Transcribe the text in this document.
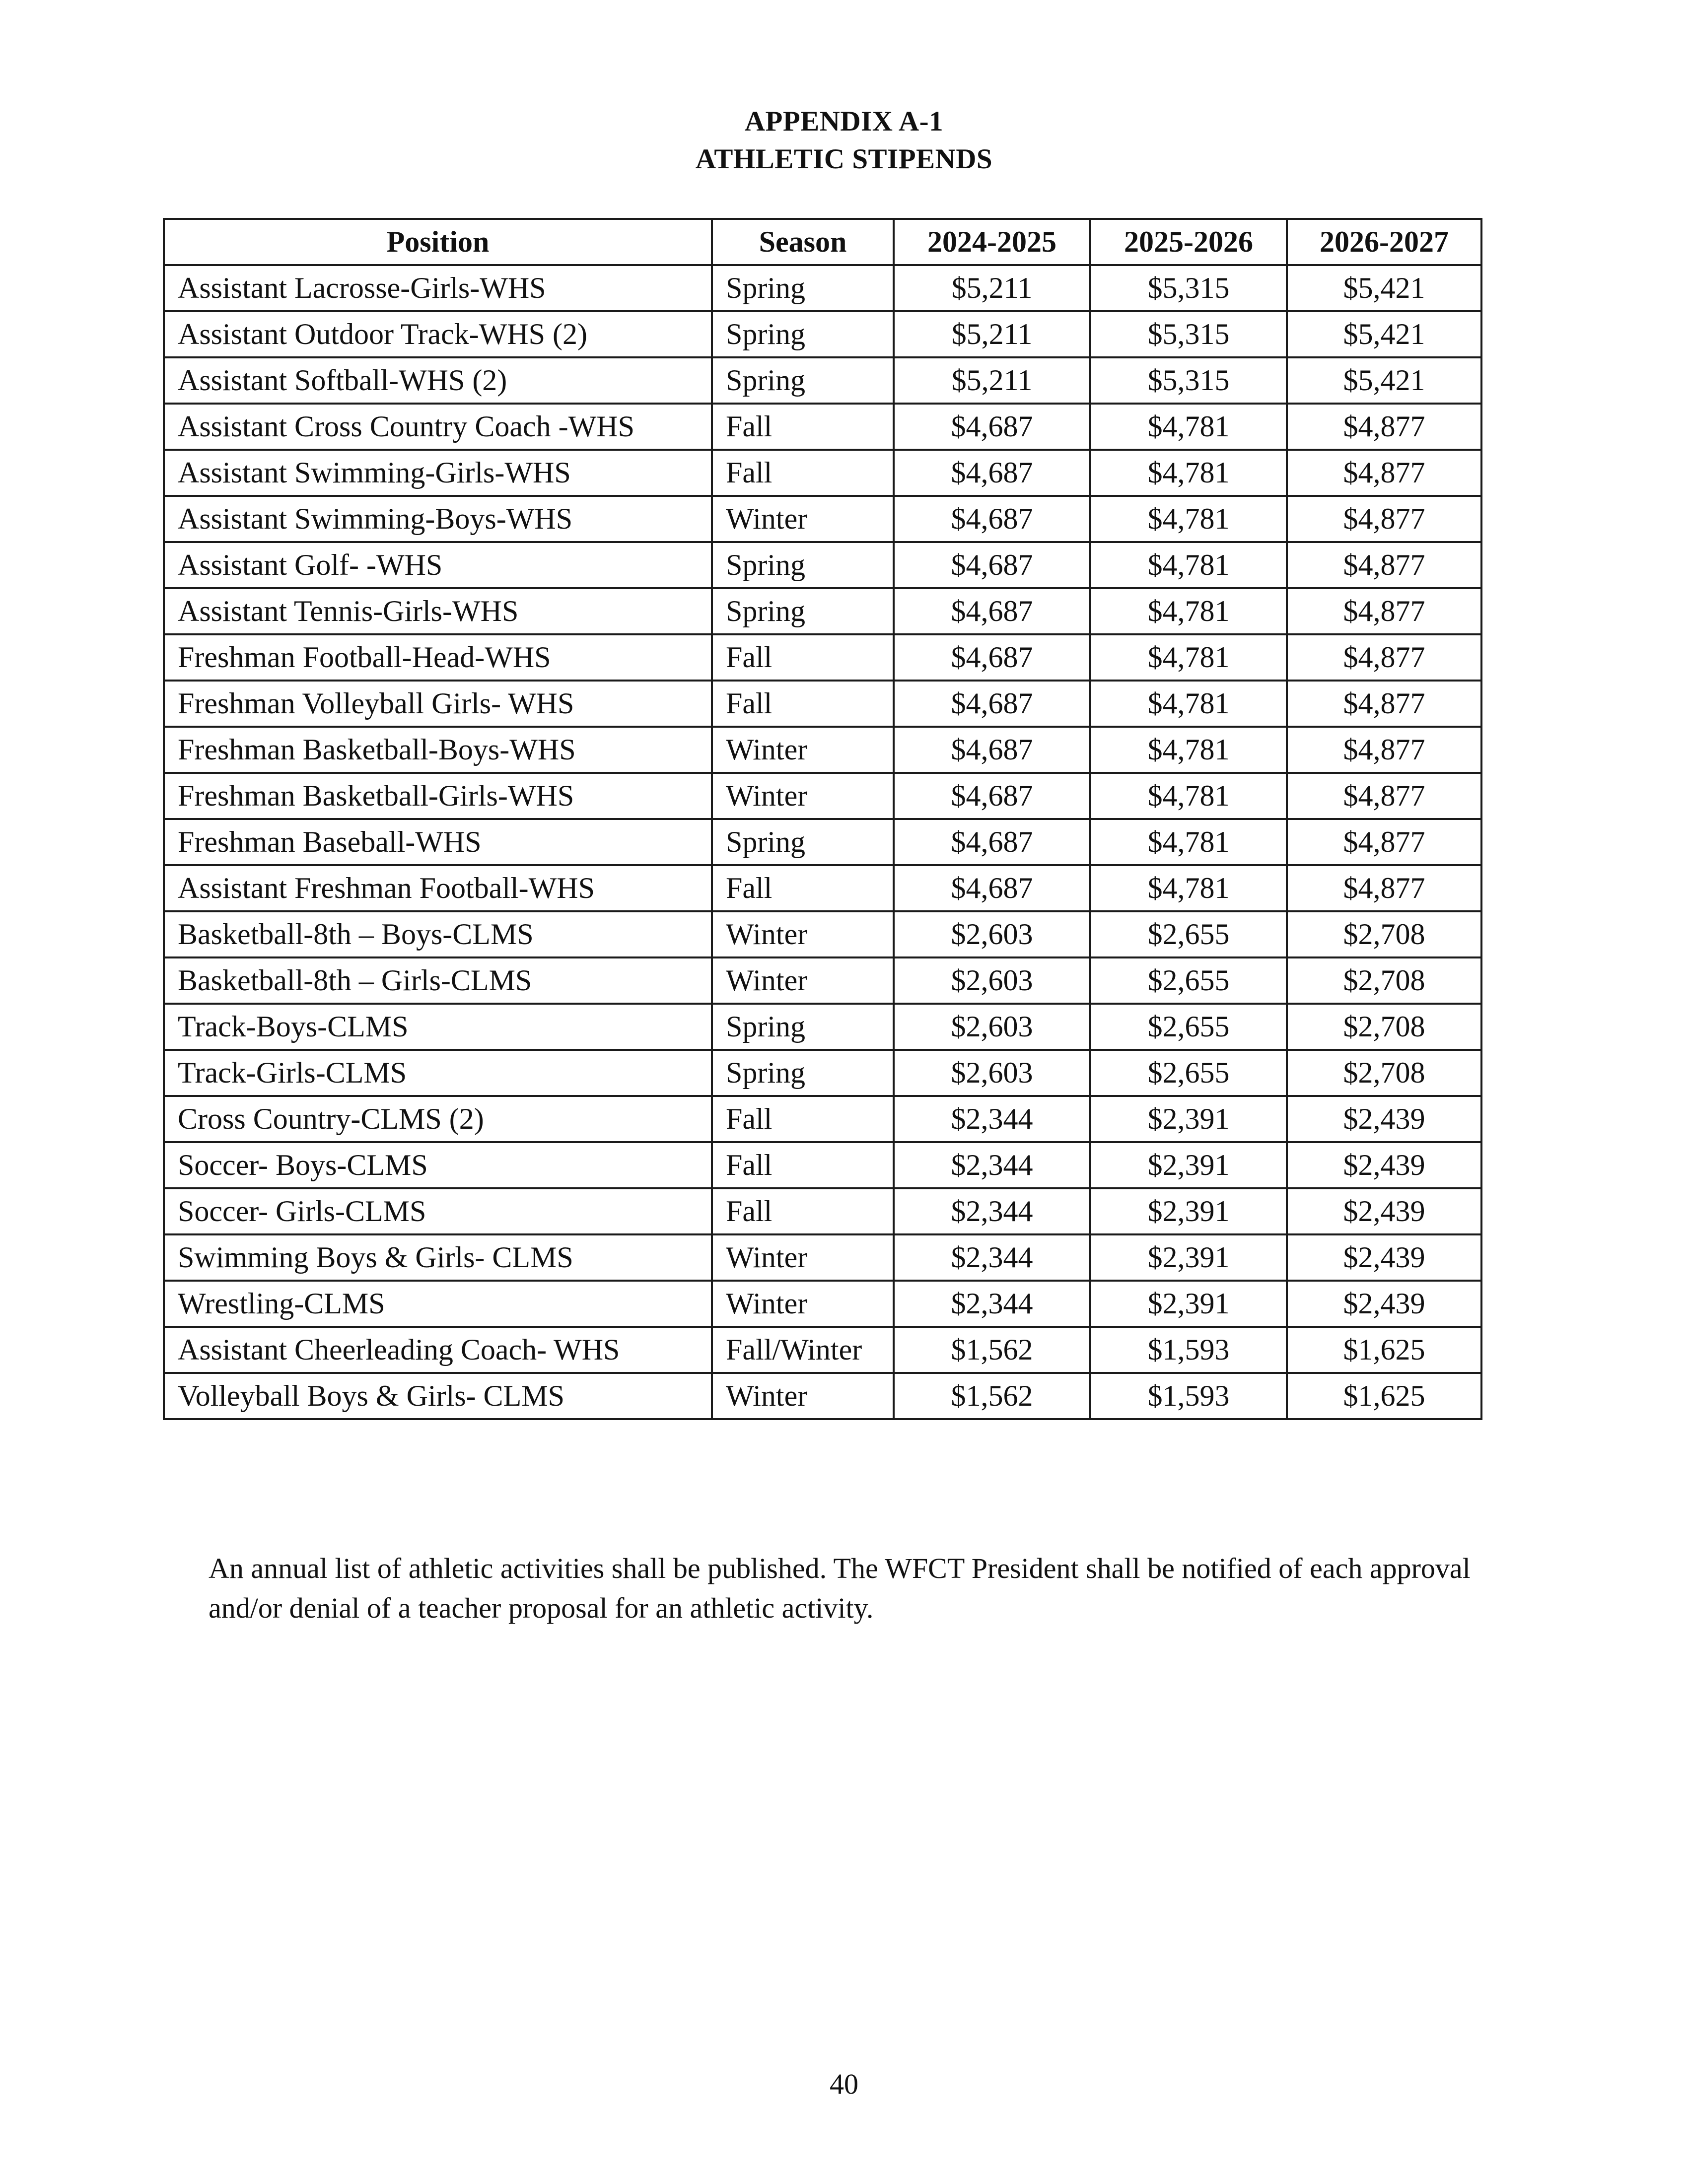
APPENDIX A-1
ATHLETIC STIPENDS
Position	Season	2024-2025	2025-2026	2026-2027
Assistant Lacrosse-Girls-WHS	Spring	$5,211	$5,315	$5,421
Assistant Outdoor Track-WHS (2)	Spring	$5,211	$5,315	$5,421
Assistant Softball-WHS (2)	Spring	$5,211	$5,315	$5,421
Assistant Cross Country Coach -WHS	Fall	$4,687	$4,781	$4,877
Assistant Swimming-Girls-WHS	Fall	$4,687	$4,781	$4,877
Assistant Swimming-Boys-WHS	Winter	$4,687	$4,781	$4,877
Assistant Golf- -WHS	Spring	$4,687	$4,781	$4,877
Assistant Tennis-Girls-WHS	Spring	$4,687	$4,781	$4,877
Freshman Football-Head-WHS	Fall	$4,687	$4,781	$4,877
Freshman Volleyball Girls- WHS	Fall	$4,687	$4,781	$4,877
Freshman Basketball-Boys-WHS	Winter	$4,687	$4,781	$4,877
Freshman Basketball-Girls-WHS	Winter	$4,687	$4,781	$4,877
Freshman Baseball-WHS	Spring	$4,687	$4,781	$4,877
Assistant Freshman Football-WHS	Fall	$4,687	$4,781	$4,877
Basketball-8th – Boys-CLMS	Winter	$2,603	$2,655	$2,708
Basketball-8th – Girls-CLMS	Winter	$2,603	$2,655	$2,708
Track-Boys-CLMS	Spring	$2,603	$2,655	$2,708
Track-Girls-CLMS	Spring	$2,603	$2,655	$2,708
Cross Country-CLMS (2)	Fall	$2,344	$2,391	$2,439
Soccer- Boys-CLMS	Fall	$2,344	$2,391	$2,439
Soccer- Girls-CLMS	Fall	$2,344	$2,391	$2,439
Swimming Boys & Girls- CLMS	Winter	$2,344	$2,391	$2,439
Wrestling-CLMS	Winter	$2,344	$2,391	$2,439
Assistant Cheerleading Coach- WHS	Fall/Winter	$1,562	$1,593	$1,625
Volleyball Boys & Girls- CLMS	Winter	$1,562	$1,593	$1,625
An annual list of athletic activities shall be published. The WFCT President shall be notified of each approval and/or denial of a teacher proposal for an athletic activity.
40
